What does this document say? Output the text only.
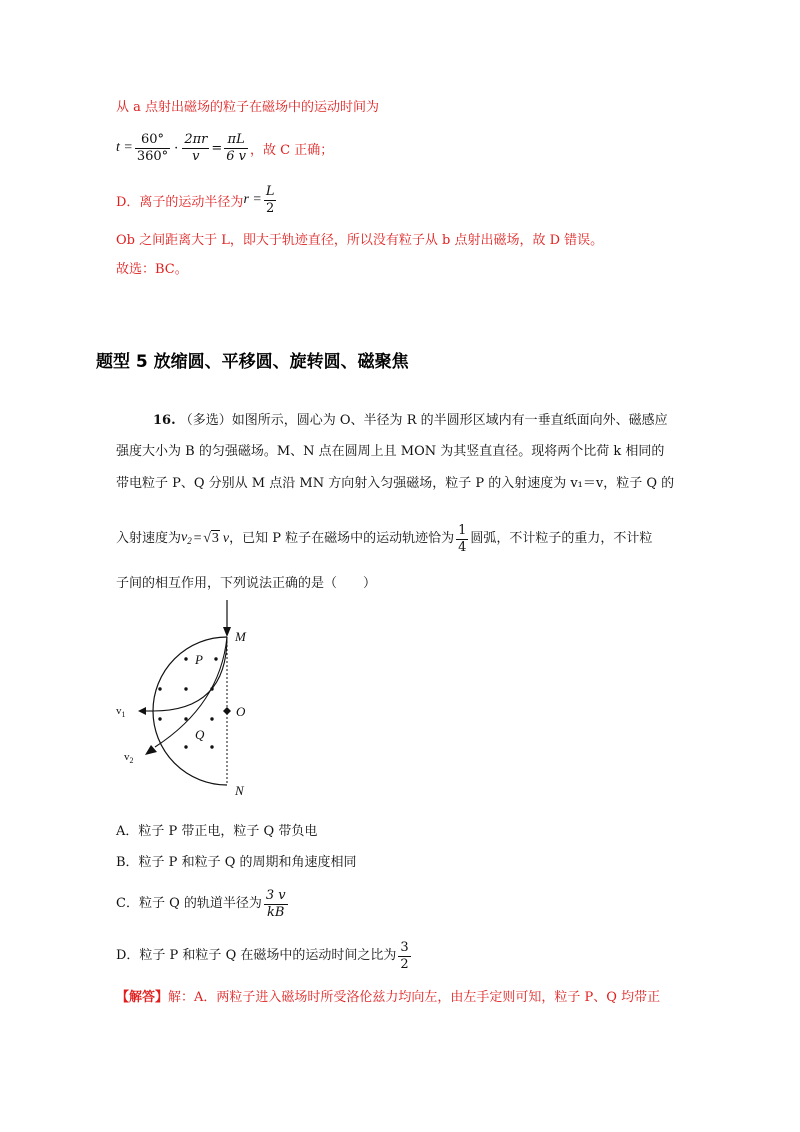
从 a 点射出磁场的粒子在磁场中的运动时间为
$t = \frac{60^\circ}{360^\circ} \cdot \frac{2\pi r}{v} = \frac{\pi L}{6 v}$ ，故 C 正确；
D．离子的运动半径为 $r = \frac{L}{2}$
Ob 之间距离大于 L，即大于轨迹直径，所以没有粒子从 b 点射出磁场，故 D 错误。
故选：BC。
题型 5 放缩圆、平移圆、旋转圆、磁聚焦
16. （多选）如图所示，圆心为 O、半径为 R 的半圆形区域内有一垂直纸面向外、磁感应
强度大小为 B 的匀强磁场。M、N 点在圆周上且 MON 为其竖直直径。现将两个比荷 k 相同的
带电粒子 P、Q 分别从 M 点沿 MN 方向射入匀强磁场，粒子 P 的入射速度为 v₁＝v，粒子 Q 的
入射速度为 $v_2 = √3$ v ，已知 P 粒子在磁场中的运动轨迹恰为 $\frac{1}{4}$ 圆弧，不计粒子的重力，不计粒
子间的相互作用，下列说法正确的是（　　）
M
N
O
P
Q
$v_1$
$v_2$
A．粒子 P 带正电，粒子 Q 带负电
B．粒子 P 和粒子 Q 的周期和角速度相同
C．粒子 Q 的轨道半径为 $\frac{3 v}{kB}$
D．粒子 P 和粒子 Q 在磁场中的运动时间之比为 $\frac{3}{2}$
【解答】解：A．两粒子进入磁场时所受洛伦兹力均向左，由左手定则可知，粒子 P、Q 均带正
